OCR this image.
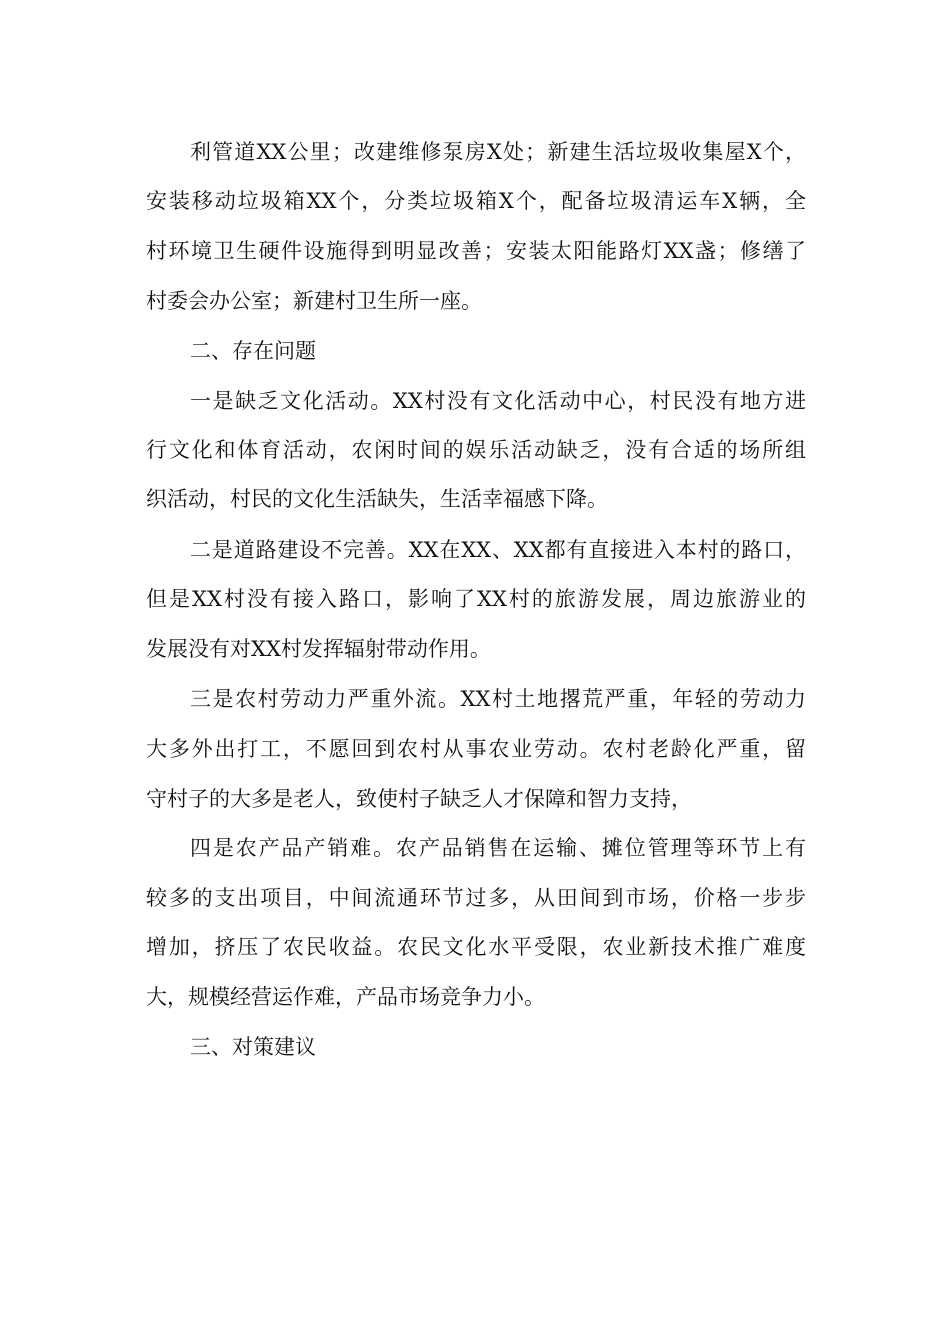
利管道XX公里；改建维修泵房X处；新建生活垃圾收集屋X个，
安装移动垃圾箱XX个，分类垃圾箱X个，配备垃圾清运车X辆，全
村环境卫生硬件设施得到明显改善；安装太阳能路灯XX盏；修缮了
村委会办公室；新建村卫生所一座。
二、存在问题
一是缺乏文化活动。XX村没有文化活动中心，村民没有地方进
行文化和体育活动，农闲时间的娱乐活动缺乏，没有合适的场所组
织活动，村民的文化生活缺失，生活幸福感下降。
二是道路建设不完善。XX在XX、XX都有直接进入本村的路口，
但是XX村没有接入路口，影响了XX村的旅游发展，周边旅游业的
发展没有对XX村发挥辐射带动作用。
三是农村劳动力严重外流。XX村土地撂荒严重，年轻的劳动力
大多外出打工，不愿回到农村从事农业劳动。农村老龄化严重，留
守村子的大多是老人，致使村子缺乏人才保障和智力支持，
四是农产品产销难。农产品销售在运输、摊位管理等环节上有
较多的支出项目，中间流通环节过多，从田间到市场，价格一步步
增加，挤压了农民收益。农民文化水平受限，农业新技术推广难度
大，规模经营运作难，产品市场竞争力小。
三、对策建议
